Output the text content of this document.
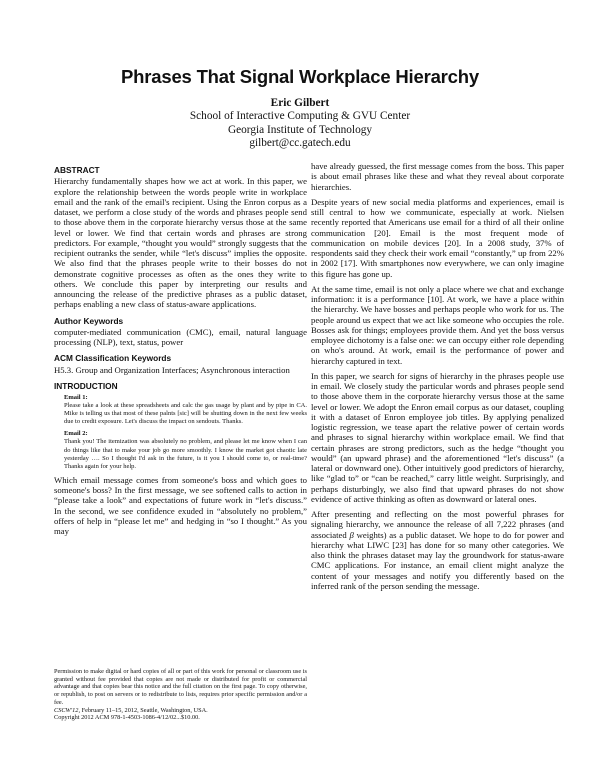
Phrases That Signal Workplace Hierarchy
Eric Gilbert
School of Interactive Computing & GVU Center
Georgia Institute of Technology
gilbert@cc.gatech.edu
ABSTRACT

Hierarchy fundamentally shapes how we act at work. In this paper, we explore the relationship between the words people write in workplace email and the rank of the email's recipient. Using the Enron corpus as a dataset, we perform a close study of the words and phrases people send to those above them in the corporate hierarchy versus those at the same level or lower. We find that certain words and phrases are strong predictors. For example, “thought you would” strongly suggests that the recipient outranks the sender, while “let's discuss” implies the opposite. We also find that the phrases people write to their bosses do not demonstrate cognitive processes as often as the ones they write to others. We conclude this paper by interpreting our results and announcing the release of the predictive phrases as a public dataset, perhaps enabling a new class of status-aware applications.

Author Keywords

computer-mediated communication (CMC), email, natural language processing (NLP), text, status, power

ACM Classification Keywords

H5.3. Group and Organization Interfaces; Asynchronous interaction

INTRODUCTION
Email 1:

Please take a look at these spreadsheets and calc the gas usage by plant and by pipe in CA. Mike is telling us that most of these palnts [sic] will be shutting down in the next few weeks due to credit exposure. Let's discuss the impact on sendouts. Thanks.

Email 2:

Thank you! The itemization was absolutely no problem, and please let me know when I can do things like that to make your job go more smoothly. I know the market got chaotic late yesterday …. So I thought I'd ask in the future, is it you I should come to, or real-time? Thanks again for your help.

Which email message comes from someone's boss and which goes to someone's boss? In the first message, we see softened calls to action in “please take a look” and expectations of future work in “let's discuss.” In the second, we see confidence exuded in “absolutely no problem,” offers of help in “please let me” and hedging in “so I thought.” As you may

Permission to make digital or hard copies of all or part of this work for personal or classroom use is granted without fee provided that copies are not made or distributed for profit or commercial advantage and that copies bear this notice and the full citation on the first page. To copy otherwise, or republish, to post on servers or to redistribute to lists, requires prior specific permission and/or a fee.

CSCW'12, February 11–15, 2012, Seattle, Washington, USA.

Copyright 2012 ACM 978-1-4503-1086-4/12/02...$10.00.

have already guessed, the first message comes from the boss. This paper is about email phrases like these and what they reveal about corporate hierarchies.

Despite years of new social media platforms and experiences, email is still central to how we communicate, especially at work. Nielsen recently reported that Americans use email for a third of all their online communication [20]. Email is the most frequent mode of communication on mobile devices [20]. In a 2008 study, 37% of respondents said they check their work email “constantly,” up from 22% in 2002 [17]. With smartphones now everywhere, we can only imagine this figure has gone up.

At the same time, email is not only a place where we chat and exchange information: it is a performance [10]. At work, we have a place within the hierarchy. We have bosses and perhaps people who work for us. The people around us expect that we act like someone who occupies the role. Bosses ask for things; employees provide them. And yet the boss versus employee dichotomy is a false one: we can occupy either role depending on who's around. At work, email is the performance of power and hierarchy captured in text.

In this paper, we search for signs of hierarchy in the phrases people use in email. We closely study the particular words and phrases people send to those above them in the corporate hierarchy versus those at the same level or lower. We adopt the Enron email corpus as our dataset, coupling it with a dataset of Enron employee job titles. By applying penalized logistic regression, we tease apart the relative power of certain words and phrases to signal hierarchy within workplace email. We find that certain phrases are strong predictors, such as the hedge “thought you would” (an upward phrase) and the aforementioned “let's discuss” (a lateral or downward one). Other intuitively good predictors of hierarchy, like “glad to” or “can be reached,” carry little weight. Surprisingly, and perhaps disturbingly, we also find that upward phrases do not show evidence of active thinking as often as downward or lateral ones.

After presenting and reflecting on the most powerful phrases for signaling hierarchy, we announce the release of all 7,222 phrases (and associated β weights) as a public dataset. We hope to do for power and hierarchy what LIWC [23] has done for so many other categories. We also think the phrases dataset may lay the groundwork for status-aware CMC applications. For instance, an email client might analyze the content of your messages and notify you differently based on the inferred rank of the person sending the message.
